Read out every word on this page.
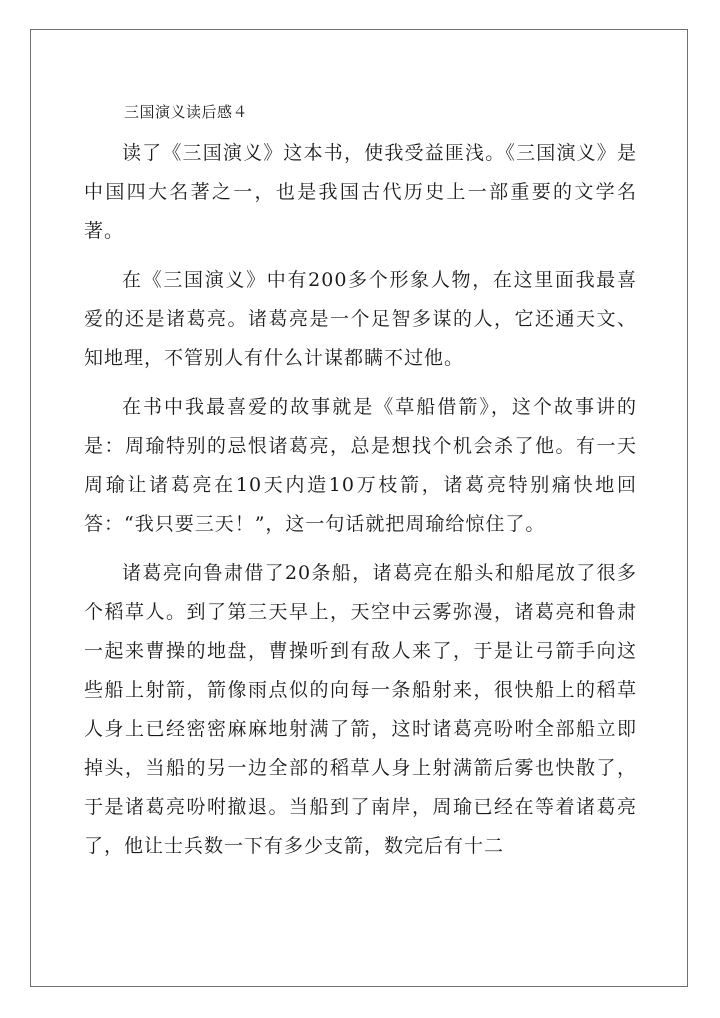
三国演义读后感４

读了《三国演义》这本书，使我受益匪浅。《三国演义》是中国四大名著之一，也是我国古代历史上一部重要的文学名著。

在《三国演义》中有200多个形象人物，在这里面我最喜爱的还是诸葛亮。诸葛亮是一个足智多谋的人，它还通天文、知地理，不管别人有什么计谋都瞒不过他。

在书中我最喜爱的故事就是《草船借箭》，这个故事讲的是：周瑜特别的忌恨诸葛亮，总是想找个机会杀了他。有一天周瑜让诸葛亮在10天内造10万枝箭，诸葛亮特别痛快地回答：“我只要三天！”，这一句话就把周瑜给惊住了。

诸葛亮向鲁肃借了20条船，诸葛亮在船头和船尾放了很多个稻草人。到了第三天早上，天空中云雾弥漫，诸葛亮和鲁肃一起来曹操的地盘，曹操听到有敌人来了，于是让弓箭手向这些船上射箭，箭像雨点似的向每一条船射来，很快船上的稻草人身上已经密密麻麻地射满了箭，这时诸葛亮吩咐全部船立即掉头，当船的另一边全部的稻草人身上射满箭后雾也快散了，于是诸葛亮吩咐撤退。当船到了南岸，周瑜已经在等着诸葛亮了，他让士兵数一下有多少支箭，数完后有十二
